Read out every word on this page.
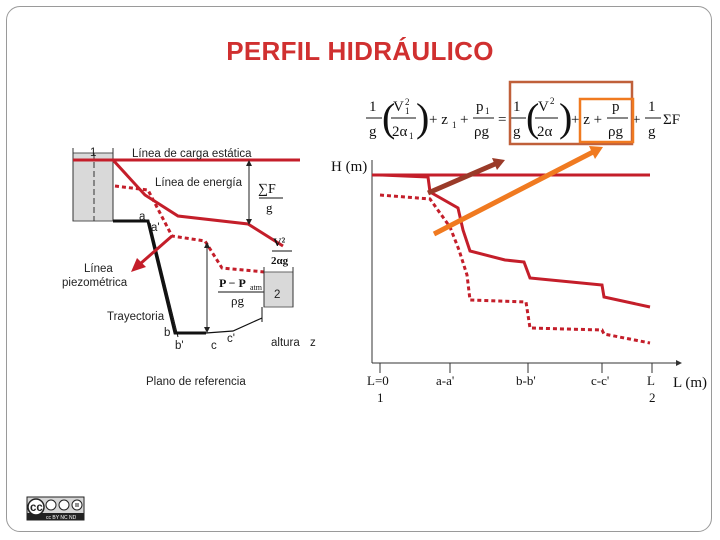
PERFIL HIDRÁULICO
1
g (
V 2
1
2α 1 ) + z 1 +
p 1
ρg
=
1
g (
V 2
2α )
+ z +
p
ρg
+
1
g
ΣF
1	Línea de carga estática
Línea de energía ∑F
g
V²
2αg
P − P atm
ρg	2
a
a'
b
b' c
c'
Trayectoria
Línea
piezométrica
altura z
Plano de referencia
H (m)
L=0
1
a-a'	b-b'	c-c'	L
2
L (m)
cc
cc BY NC ND
